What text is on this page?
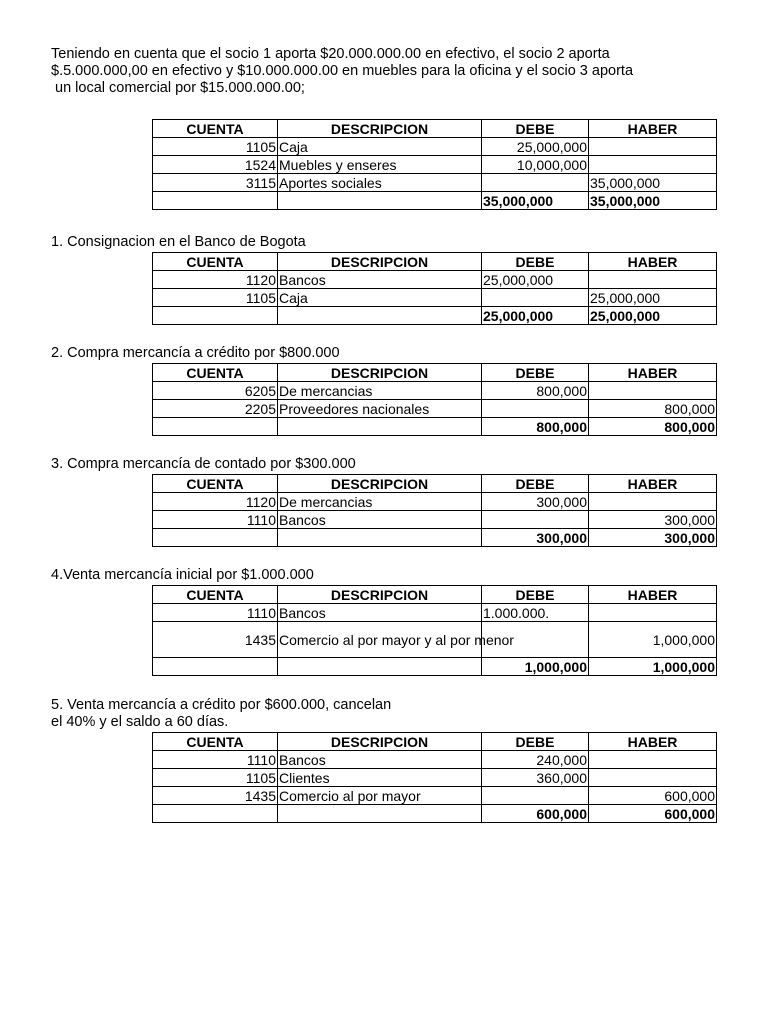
Teniendo en cuenta que el socio 1 aporta $20.000.000.00 en efectivo, el socio 2 aporta
$.5.000.000,00 en efectivo y $10.000.000.00 en muebles para la oficina y el socio 3 aporta
un local comercial por $15.000.000.00;
CUENTA	DESCRIPCION	DEBE	HABER
1105	Caja	25,000,000	
1524	Muebles y enseres	10,000,000	
3115	Aportes sociales		35,000,000
		35,000,000	35,000,000
1. Consignacion en el Banco de Bogota
CUENTA	DESCRIPCION	DEBE	HABER
1120	Bancos	25,000,000	
1105	Caja		25,000,000
		25,000,000	25,000,000
2. Compra mercancía a crédito por $800.000
CUENTA	DESCRIPCION	DEBE	HABER
6205	De mercancias	800,000	
2205	Proveedores nacionales		800,000
		800,000	800,000
3. Compra mercancía de contado por $300.000
CUENTA	DESCRIPCION	DEBE	HABER
1120	De mercancias	300,000	
1110	Bancos		300,000
		300,000	300,000
4.Venta mercancía inicial por $1.000.000
CUENTA	DESCRIPCION	DEBE	HABER
1110	Bancos	1.000.000.	
1435	Comercio al por mayor y al por menor		1,000,000
		1,000,000	1,000,000
5. Venta mercancía a crédito por $600.000, cancelan
el 40% y el saldo a 60 días.
CUENTA	DESCRIPCION	DEBE	HABER
1110	Bancos	240,000	
1105	Clientes	360,000	
1435	Comercio al por mayor		600,000
		600,000	600,000
